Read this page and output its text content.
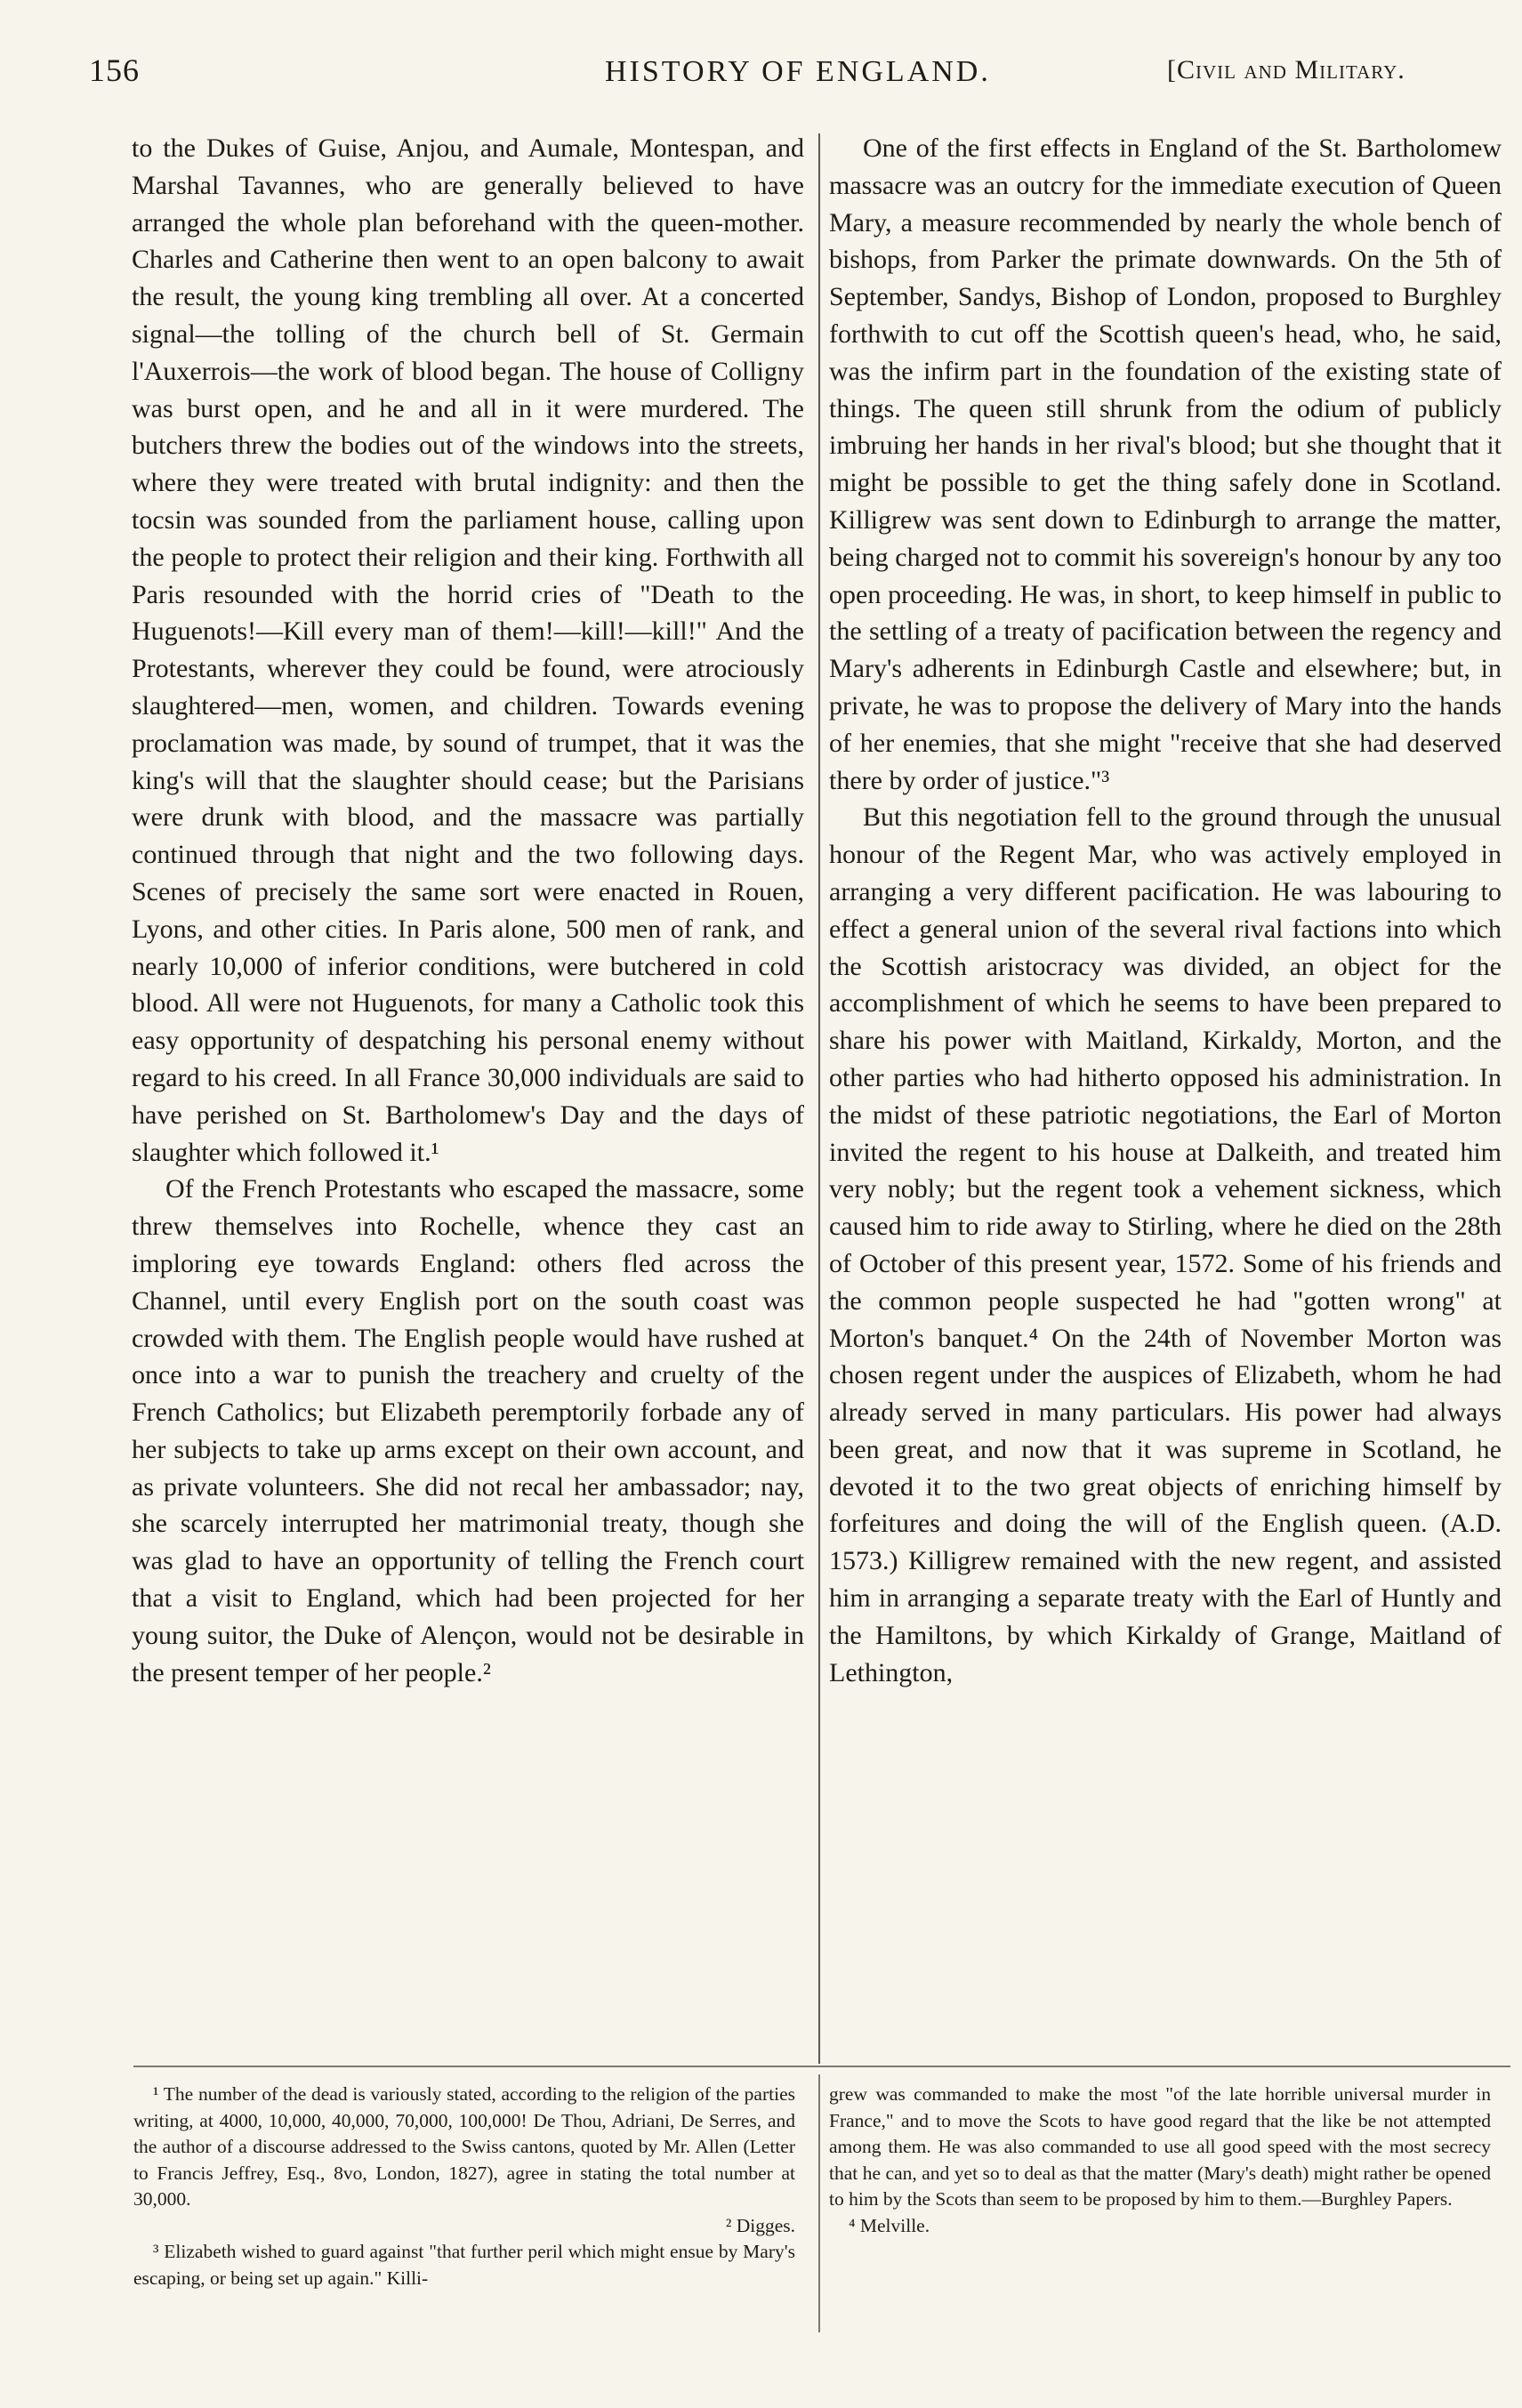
156	HISTORY OF ENGLAND.	[Civil and Military.

to the Dukes of Guise, Anjou, and Aumale, Montespan, and Marshal Tavannes, who are generally believed to have arranged the whole plan beforehand with the queen-mother. Charles and Catherine then went to an open balcony to await the result, the young king trembling all over. At a concerted signal—the tolling of the church bell of St. Germain l'Auxerrois—the work of blood began. The house of Colligny was burst open, and he and all in it were murdered. The butchers threw the bodies out of the windows into the streets, where they were treated with brutal indignity: and then the tocsin was sounded from the parliament house, calling upon the people to protect their religion and their king. Forthwith all Paris resounded with the horrid cries of "Death to the Huguenots!—Kill every man of them!—kill!—kill!" And the Protestants, wherever they could be found, were atrociously slaughtered—men, women, and children. Towards evening proclamation was made, by sound of trumpet, that it was the king's will that the slaughter should cease; but the Parisians were drunk with blood, and the massacre was partially continued through that night and the two following days. Scenes of precisely the same sort were enacted in Rouen, Lyons, and other cities. In Paris alone, 500 men of rank, and nearly 10,000 of inferior conditions, were butchered in cold blood. All were not Huguenots, for many a Catholic took this easy opportunity of despatching his personal enemy without regard to his creed. In all France 30,000 individuals are said to have perished on St. Bartholomew's Day and the days of slaughter which followed it.¹

Of the French Protestants who escaped the massacre, some threw themselves into Rochelle, whence they cast an imploring eye towards England: others fled across the Channel, until every English port on the south coast was crowded with them. The English people would have rushed at once into a war to punish the treachery and cruelty of the French Catholics; but Elizabeth peremptorily forbade any of her subjects to take up arms except on their own account, and as private volunteers. She did not recal her ambassador; nay, she scarcely interrupted her matrimonial treaty, though she was glad to have an opportunity of telling the French court that a visit to England, which had been projected for her young suitor, the Duke of Alençon, would not be desirable in the present temper of her people.²

One of the first effects in England of the St. Bartholomew massacre was an outcry for the immediate execution of Queen Mary, a measure recommended by nearly the whole bench of bishops, from Parker the primate downwards. On the 5th of September, Sandys, Bishop of London, proposed to Burghley forthwith to cut off the Scottish queen's head, who, he said, was the infirm part in the foundation of the existing state of things. The queen still shrunk from the odium of publicly imbruing her hands in her rival's blood; but she thought that it might be possible to get the thing safely done in Scotland. Killigrew was sent down to Edinburgh to arrange the matter, being charged not to commit his sovereign's honour by any too open proceeding. He was, in short, to keep himself in public to the settling of a treaty of pacification between the regency and Mary's adherents in Edinburgh Castle and elsewhere; but, in private, he was to propose the delivery of Mary into the hands of her enemies, that she might "receive that she had deserved there by order of justice."³

But this negotiation fell to the ground through the unusual honour of the Regent Mar, who was actively employed in arranging a very different pacification. He was labouring to effect a general union of the several rival factions into which the Scottish aristocracy was divided, an object for the accomplishment of which he seems to have been prepared to share his power with Maitland, Kirkaldy, Morton, and the other parties who had hitherto opposed his administration. In the midst of these patriotic negotiations, the Earl of Morton invited the regent to his house at Dalkeith, and treated him very nobly; but the regent took a vehement sickness, which caused him to ride away to Stirling, where he died on the 28th of October of this present year, 1572. Some of his friends and the common people suspected he had "gotten wrong" at Morton's banquet.⁴ On the 24th of November Morton was chosen regent under the auspices of Elizabeth, whom he had already served in many particulars. His power had always been great, and now that it was supreme in Scotland, he devoted it to the two great objects of enriching himself by forfeitures and doing the will of the English queen. (A.D. 1573.) Killigrew remained with the new regent, and assisted him in arranging a separate treaty with the Earl of Huntly and the Hamiltons, by which Kirkaldy of Grange, Maitland of Lethington,

¹ The number of the dead is variously stated, according to the religion of the parties writing, at 4000, 10,000, 40,000, 70,000, 100,000! De Thou, Adriani, De Serres, and the author of a discourse addressed to the Swiss cantons, quoted by Mr. Allen (Letter to Francis Jeffrey, Esq., 8vo, London, 1827), agree in stating the total number at 30,000.

² Digges.

³ Elizabeth wished to guard against "that further peril which might ensue by Mary's escaping, or being set up again." Killi-

grew was commanded to make the most "of the late horrible universal murder in France," and to move the Scots to have good regard that the like be not attempted among them. He was also commanded to use all good speed with the most secrecy that he can, and yet so to deal as that the matter (Mary's death) might rather be opened to him by the Scots than seem to be proposed by him to them.—Burghley Papers.

⁴ Melville.
